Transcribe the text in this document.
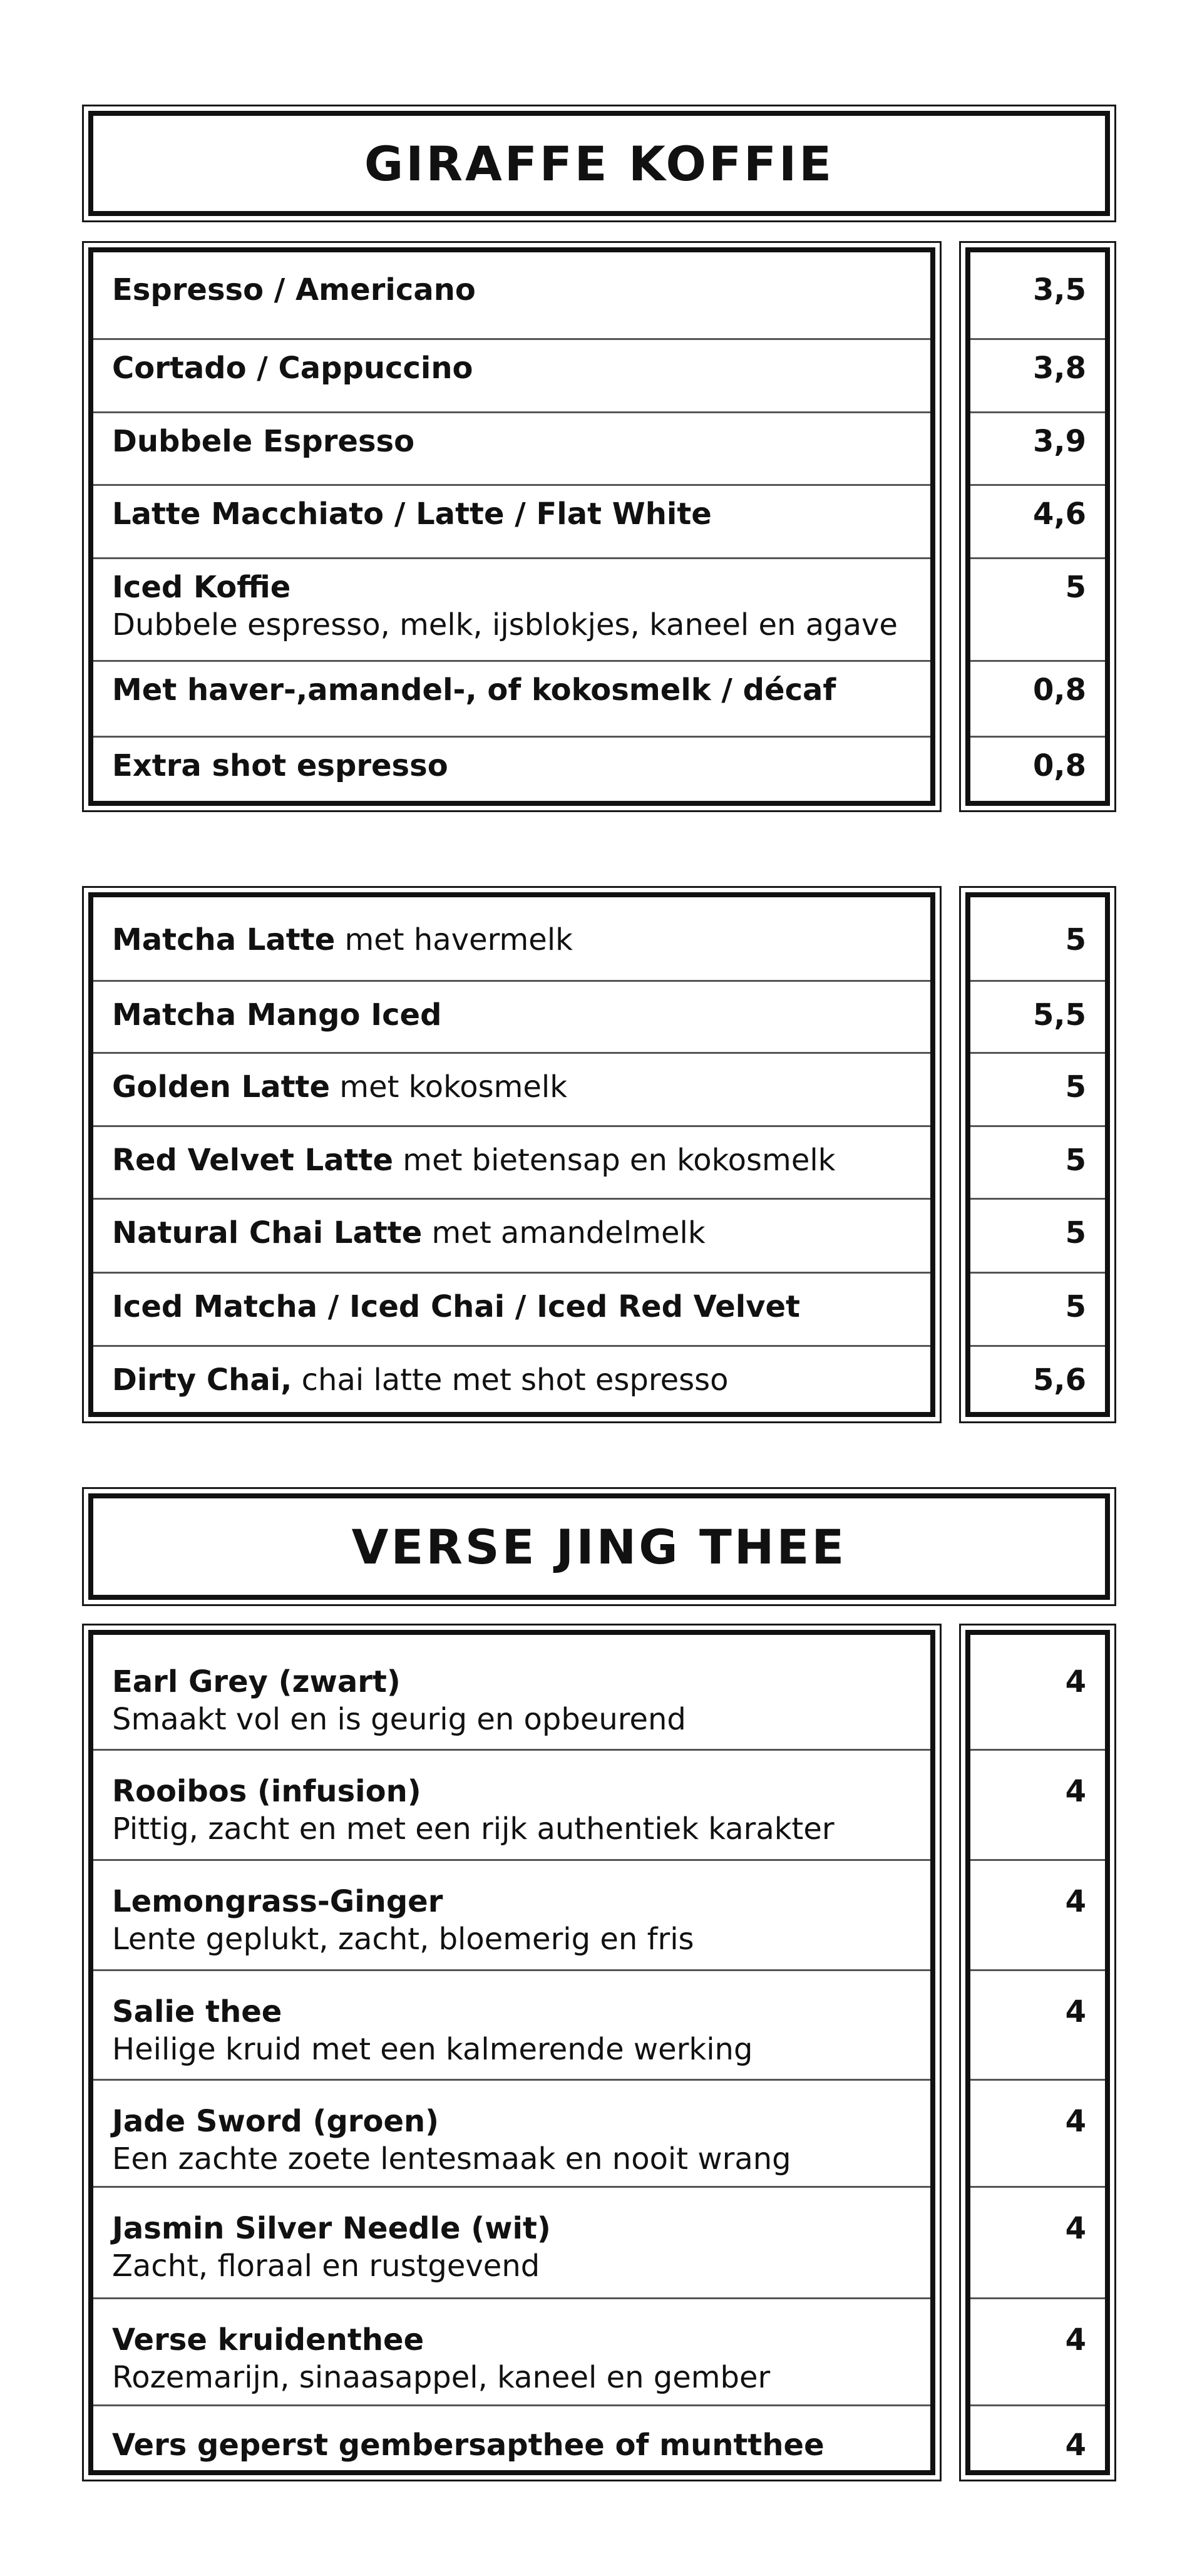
GIRAFFE KOFFIE
Espresso / Americano
Cortado / Cappuccino
Dubbele Espresso
Latte Macchiato / Latte / Flat White
Iced Koffie
Dubbele espresso, melk, ijsblokjes, kaneel en agave
Met haver-,amandel-, of kokosmelk / décaf
Extra shot espresso
3,5
3,8
3,9
4,6
5
0,8
0,8
Matcha Latte met havermelk
Matcha Mango Iced
Golden Latte met kokosmelk
Red Velvet Latte met bietensap en kokosmelk
Natural Chai Latte met amandelmelk
Iced Matcha / Iced Chai / Iced Red Velvet
Dirty Chai, chai latte met shot espresso
5
5,5
5
5
5
5
5,6
VERSE JING THEE
Earl Grey (zwart)
Smaakt vol en is geurig en opbeurend
Rooibos (infusion)
Pittig, zacht en met een rijk authentiek karakter
Lemongrass-Ginger
Lente geplukt, zacht, bloemerig en fris
Salie thee
Heilige kruid met een kalmerende werking
Jade Sword (groen)
Een zachte zoete lentesmaak en nooit wrang
Jasmin Silver Needle (wit)
Zacht, floraal en rustgevend
Verse kruidenthee
Rozemarijn, sinaasappel, kaneel en gember
Vers geperst gembersapthee of muntthee
4
4
4
4
4
4
4
4
